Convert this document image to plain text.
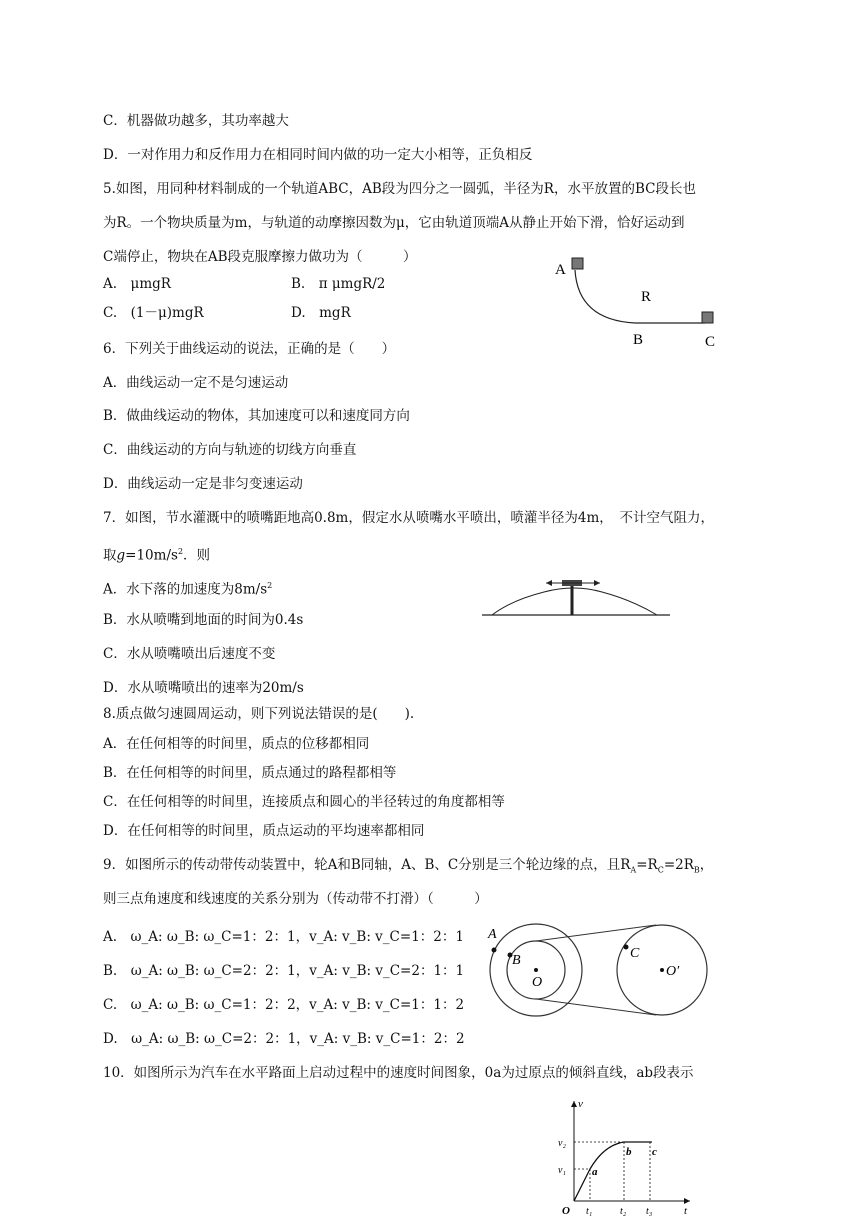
C．机器做功越多，其功率越大
D．一对作用力和反作用力在相同时间内做的功一定大小相等，正负相反
5.如图，用同种材料制成的一个轨道ABC，AB段为四分之一圆弧，半径为R，水平放置的BC段长也
为R。一个物块质量为m，与轨道的动摩擦因数为μ，它由轨道顶端A从静止开始下滑，恰好运动到
C端停止，物块在AB段克服摩擦力做功为（　　　）
A.　μmgR	B.　π μmgR/2
C.　(1－μ)mgR	D.　mgR
A
R
B	C
6．下列关于曲线运动的说法，正确的是（　　）
A．曲线运动一定不是匀速运动
B．做曲线运动的物体，其加速度可以和速度同方向
C．曲线运动的方向与轨迹的切线方向垂直
D．曲线运动一定是非匀变速运动
7．如图，节水灌溉中的喷嘴距地高0.8m，假定水从喷嘴水平喷出，喷灌半径为4m，　不计空气阻力，
取$g=10m/s^2$．则
A．水下落的加速度为$8m/s^2$
B．水从喷嘴到地面的时间为0.4s
C．水从喷嘴喷出后速度不变
D．水从喷嘴喷出的速率为20m/s
8.质点做匀速圆周运动，则下列说法错误的是(　　).
A．在任何相等的时间里，质点的位移都相同
B．在任何相等的时间里，质点通过的路程都相等
C．在任何相等的时间里，连接质点和圆心的半径转过的角度都相等
D．在任何相等的时间里，质点运动的平均速率都相同
9．如图所示的传动带传动装置中，轮A和B同轴，A、B、C分别是三个轮边缘的点，且$R_A=R_C=2R_B$，
则三点角速度和线速度的关系分别为（传动带不打滑）（　　　）
A.　ω_A: ω_B: ω_C=1：2：1，v_A: v_B: v_C=1：2：1
B.　ω_A: ω_B: ω_C=2：2：1，v_A: v_B: v_C=2：1：1
C.　ω_A: ω_B: ω_C=1：2：2，v_A: v_B: v_C=1：1：2
D.　ω_A: ω_B: ω_C=2：2：1，v_A: v_B: v_C=1：2：2
A
B
O
C
O′
10．如图所示为汽车在水平路面上启动过程中的速度时间图象，0a为过原点的倾斜直线，ab段表示
v
t
O
v₂
v₁ a
b c
t₁	t₂ t₃
